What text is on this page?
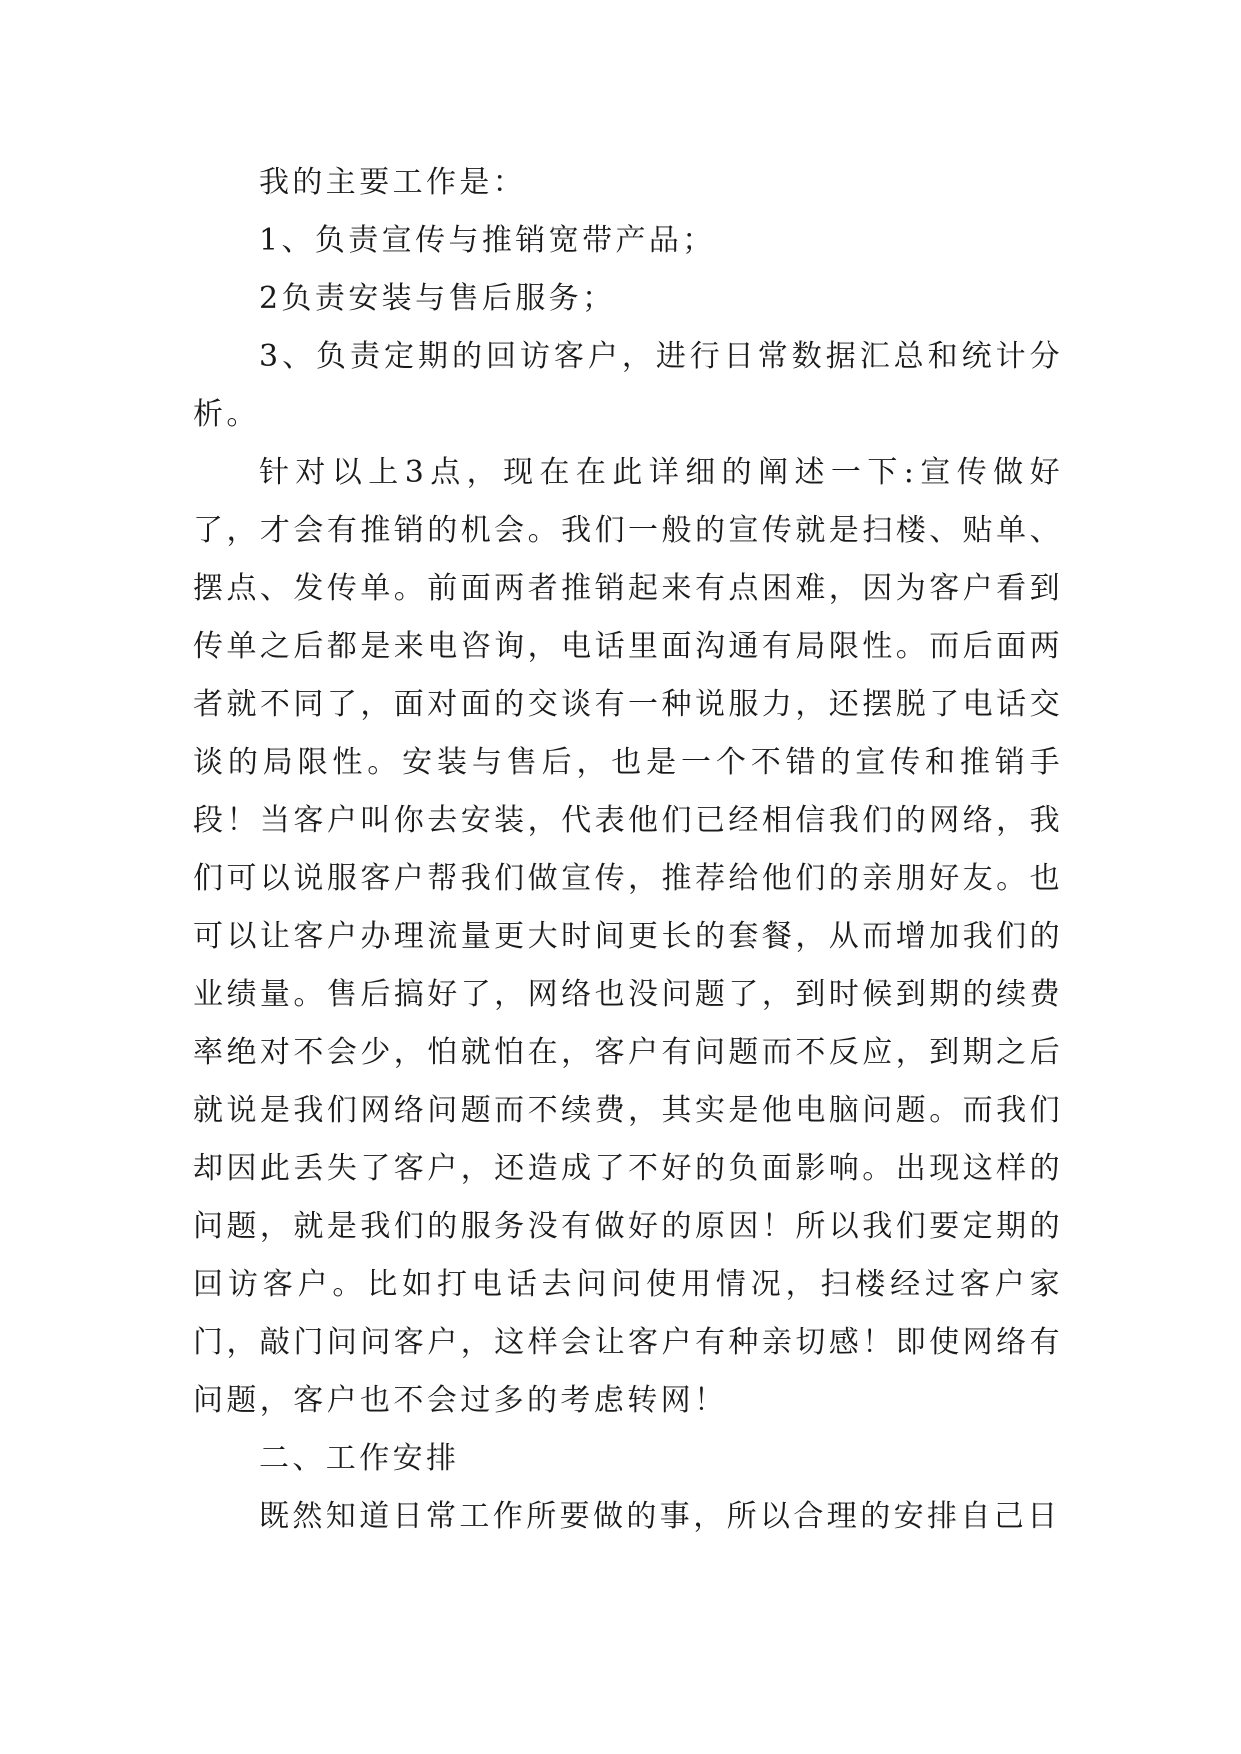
我的主要工作是：

1、负责宣传与推销宽带产品；

2负责安装与售后服务；

3、负责定期的回访客户，进行日常数据汇总和统计分析。

针对以上3点，现在在此详细的阐述一下:宣传做好了，才会有推销的机会。我们一般的宣传就是扫楼、贴单、摆点、发传单。前面两者推销起来有点困难，因为客户看到传单之后都是来电咨询，电话里面沟通有局限性。而后面两者就不同了，面对面的交谈有一种说服力，还摆脱了电话交谈的局限性。安装与售后，也是一个不错的宣传和推销手段！当客户叫你去安装，代表他们已经相信我们的网络，我们可以说服客户帮我们做宣传，推荐给他们的亲朋好友。也可以让客户办理流量更大时间更长的套餐，从而增加我们的业绩量。售后搞好了，网络也没问题了，到时候到期的续费率绝对不会少，怕就怕在，客户有问题而不反应，到期之后就说是我们网络问题而不续费，其实是他电脑问题。而我们却因此丢失了客户，还造成了不好的负面影响。出现这样的问题，就是我们的服务没有做好的原因！所以我们要定期的回访客户。比如打电话去问问使用情况，扫楼经过客户家门，敲门问问客户，这样会让客户有种亲切感！即使网络有问题，客户也不会过多的考虑转网！

二、工作安排

既然知道日常工作所要做的事，所以合理的安排自己日
